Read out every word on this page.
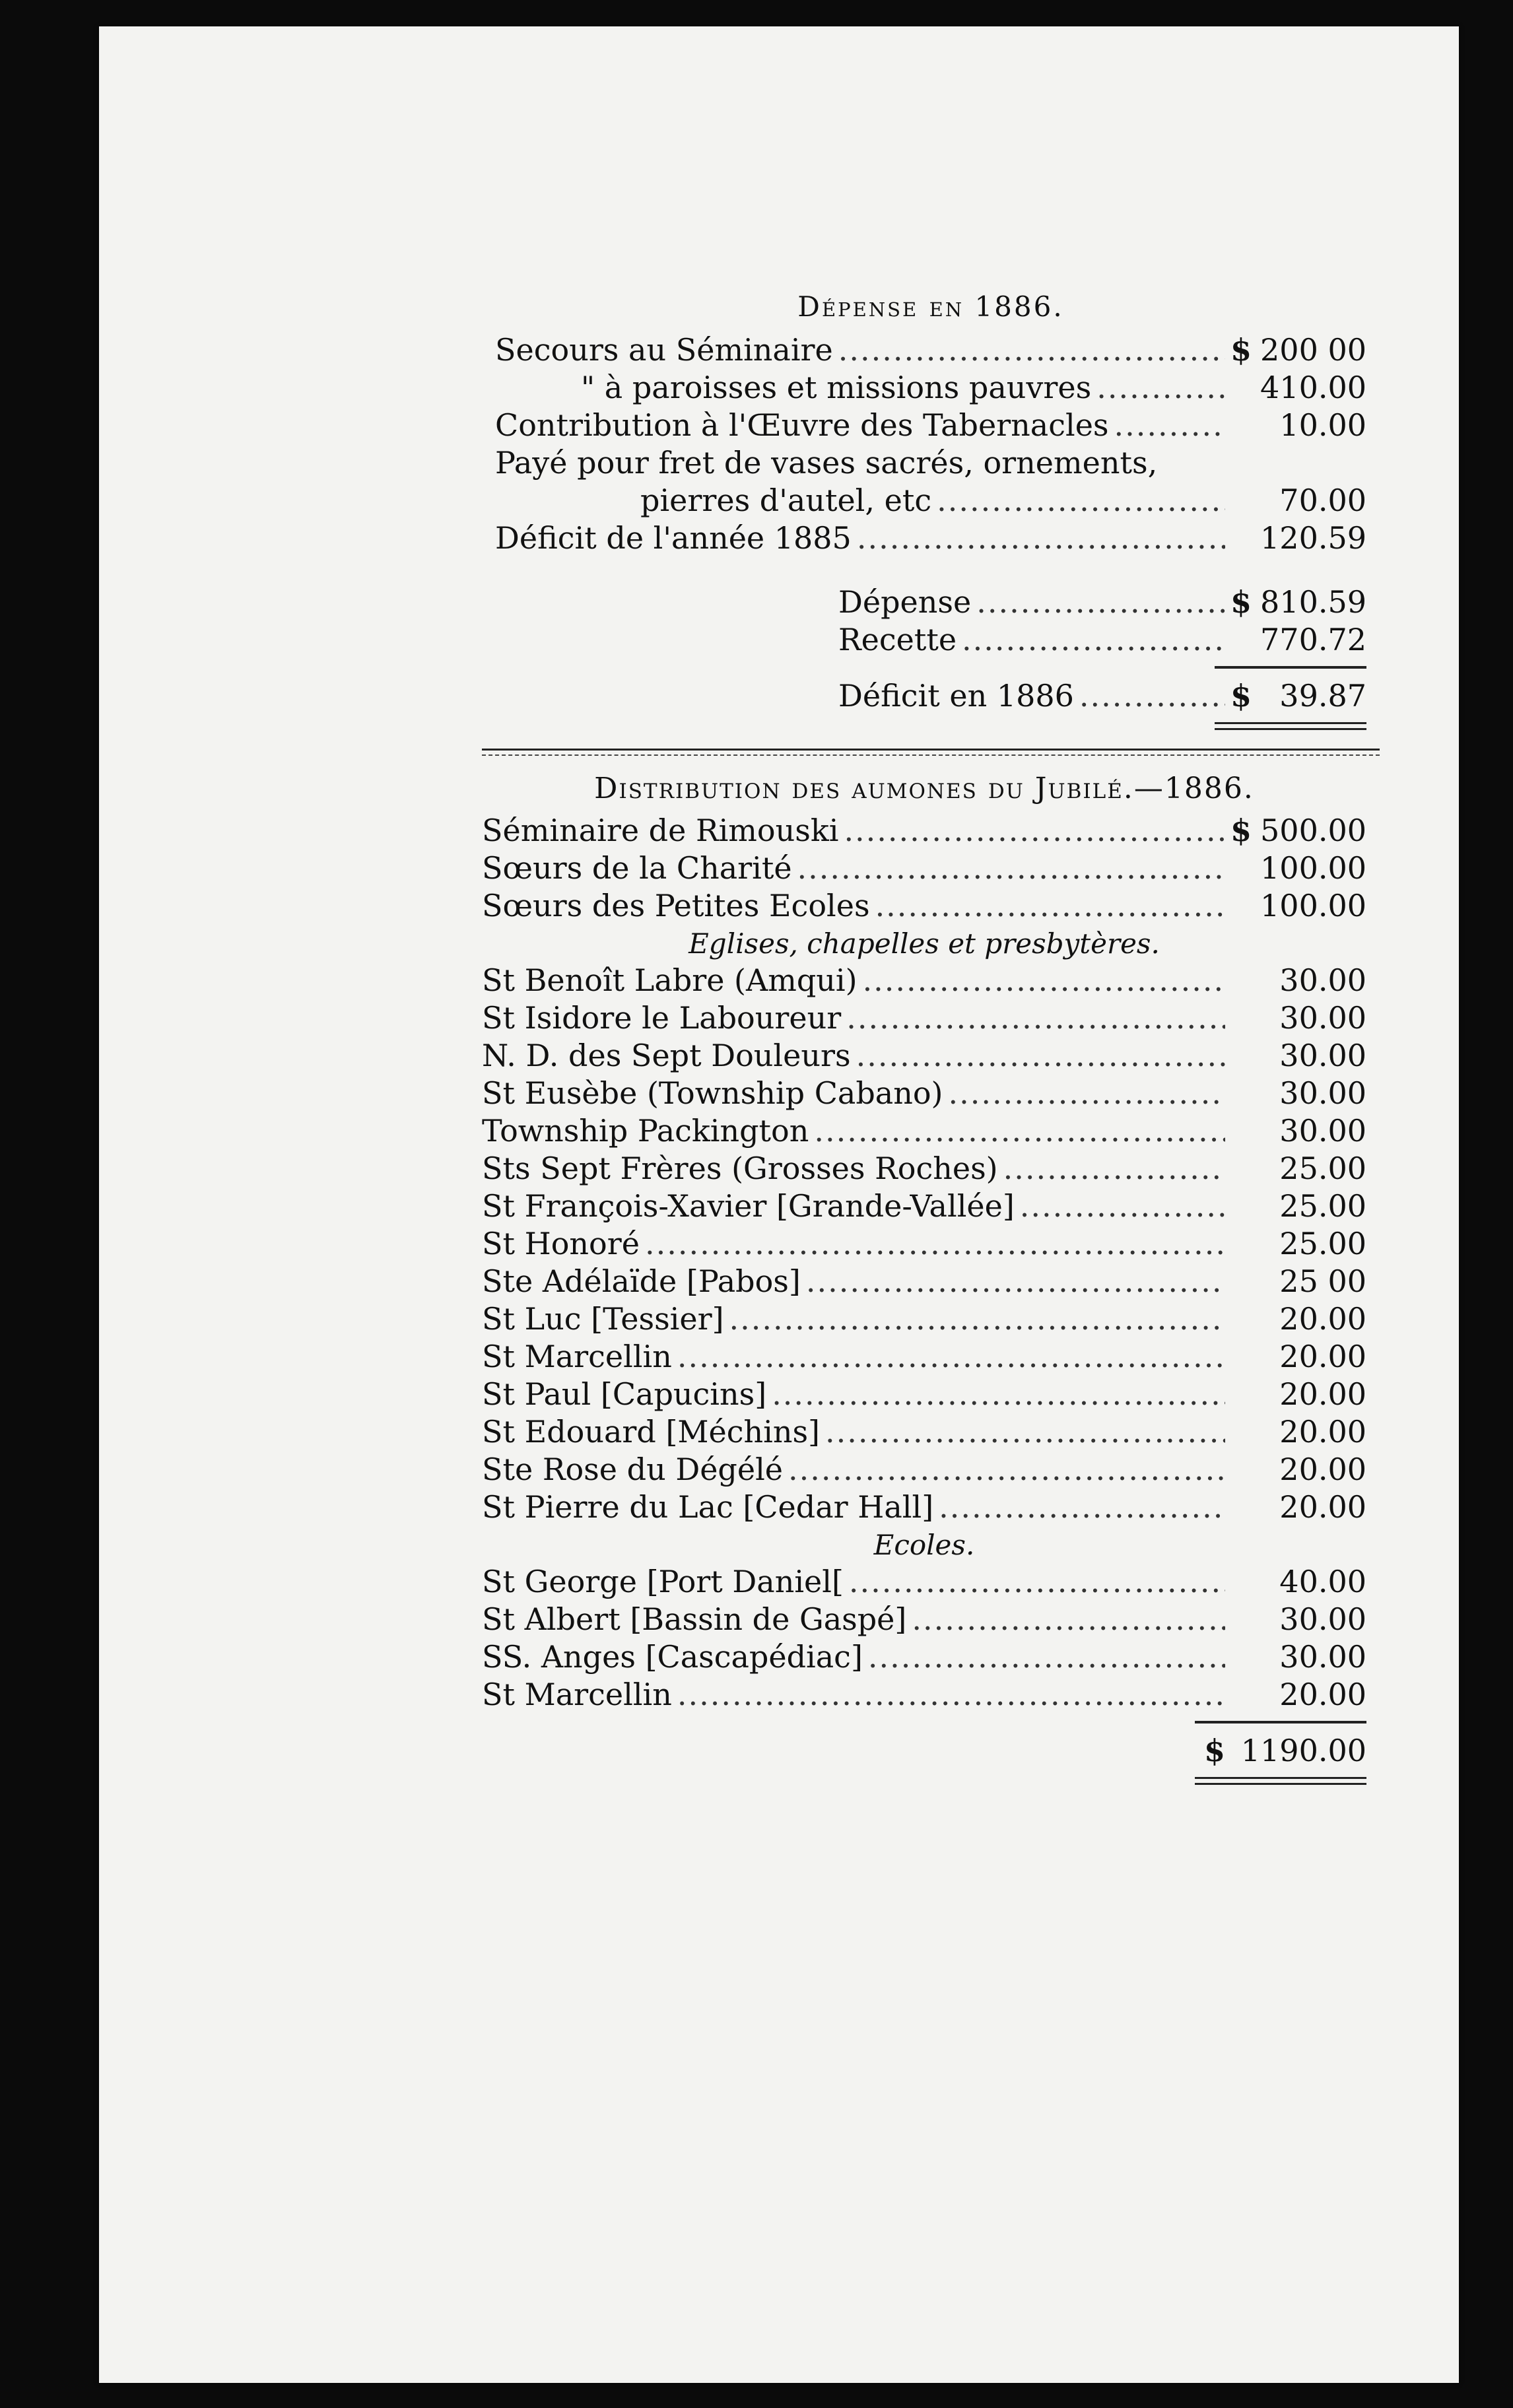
Dépense en 1886.
Secours au Séminaire .....	$ 200 00
" à paroisses et missions pauvres .....	410.00
Contribution à l'Œuvre des Tabernacles .....	10.00
Payé pour fret de vases sacrés, ornements,
pierres d'autel, etc .....	70.00
Déficit de l'année 1885 .....	120.59
Dépense .....	$ 810.59
Recette .....	770.72
Déficit en 1886 .....	$ 39.87
Distribution des aumones du Jubilé.—1886.
Séminaire de Rimouski .....	$ 500.00
Sœurs de la Charité .....	100.00
Sœurs des Petites Ecoles .....	100.00
Eglises, chapelles et presbytères.
St Benoît Labre (Amqui) .....	30.00
St Isidore le Laboureur .....	30.00
N. D. des Sept Douleurs .....	30.00
St Eusèbe (Township Cabano) .....	30.00
Township Packington .....	30.00
Sts Sept Frères (Grosses Roches) .....	25.00
St François-Xavier [Grande-Vallée] .....	25.00
St Honoré .....	25.00
Ste Adélaïde [Pabos] .....	25 00
St Luc [Tessier] .....	20.00
St Marcellin .....	20.00
St Paul [Capucins] .....	20.00
St Edouard [Méchins] .....	20.00
Ste Rose du Dégélé .....	20.00
St Pierre du Lac [Cedar Hall] .....	20.00
Ecoles.
St George [Port Daniel[ .....	40.00
St Albert [Bassin de Gaspé] .....	30.00
SS. Anges [Cascapédiac] .....	30.00
St Marcellin .....	20.00
$ 1190.00
